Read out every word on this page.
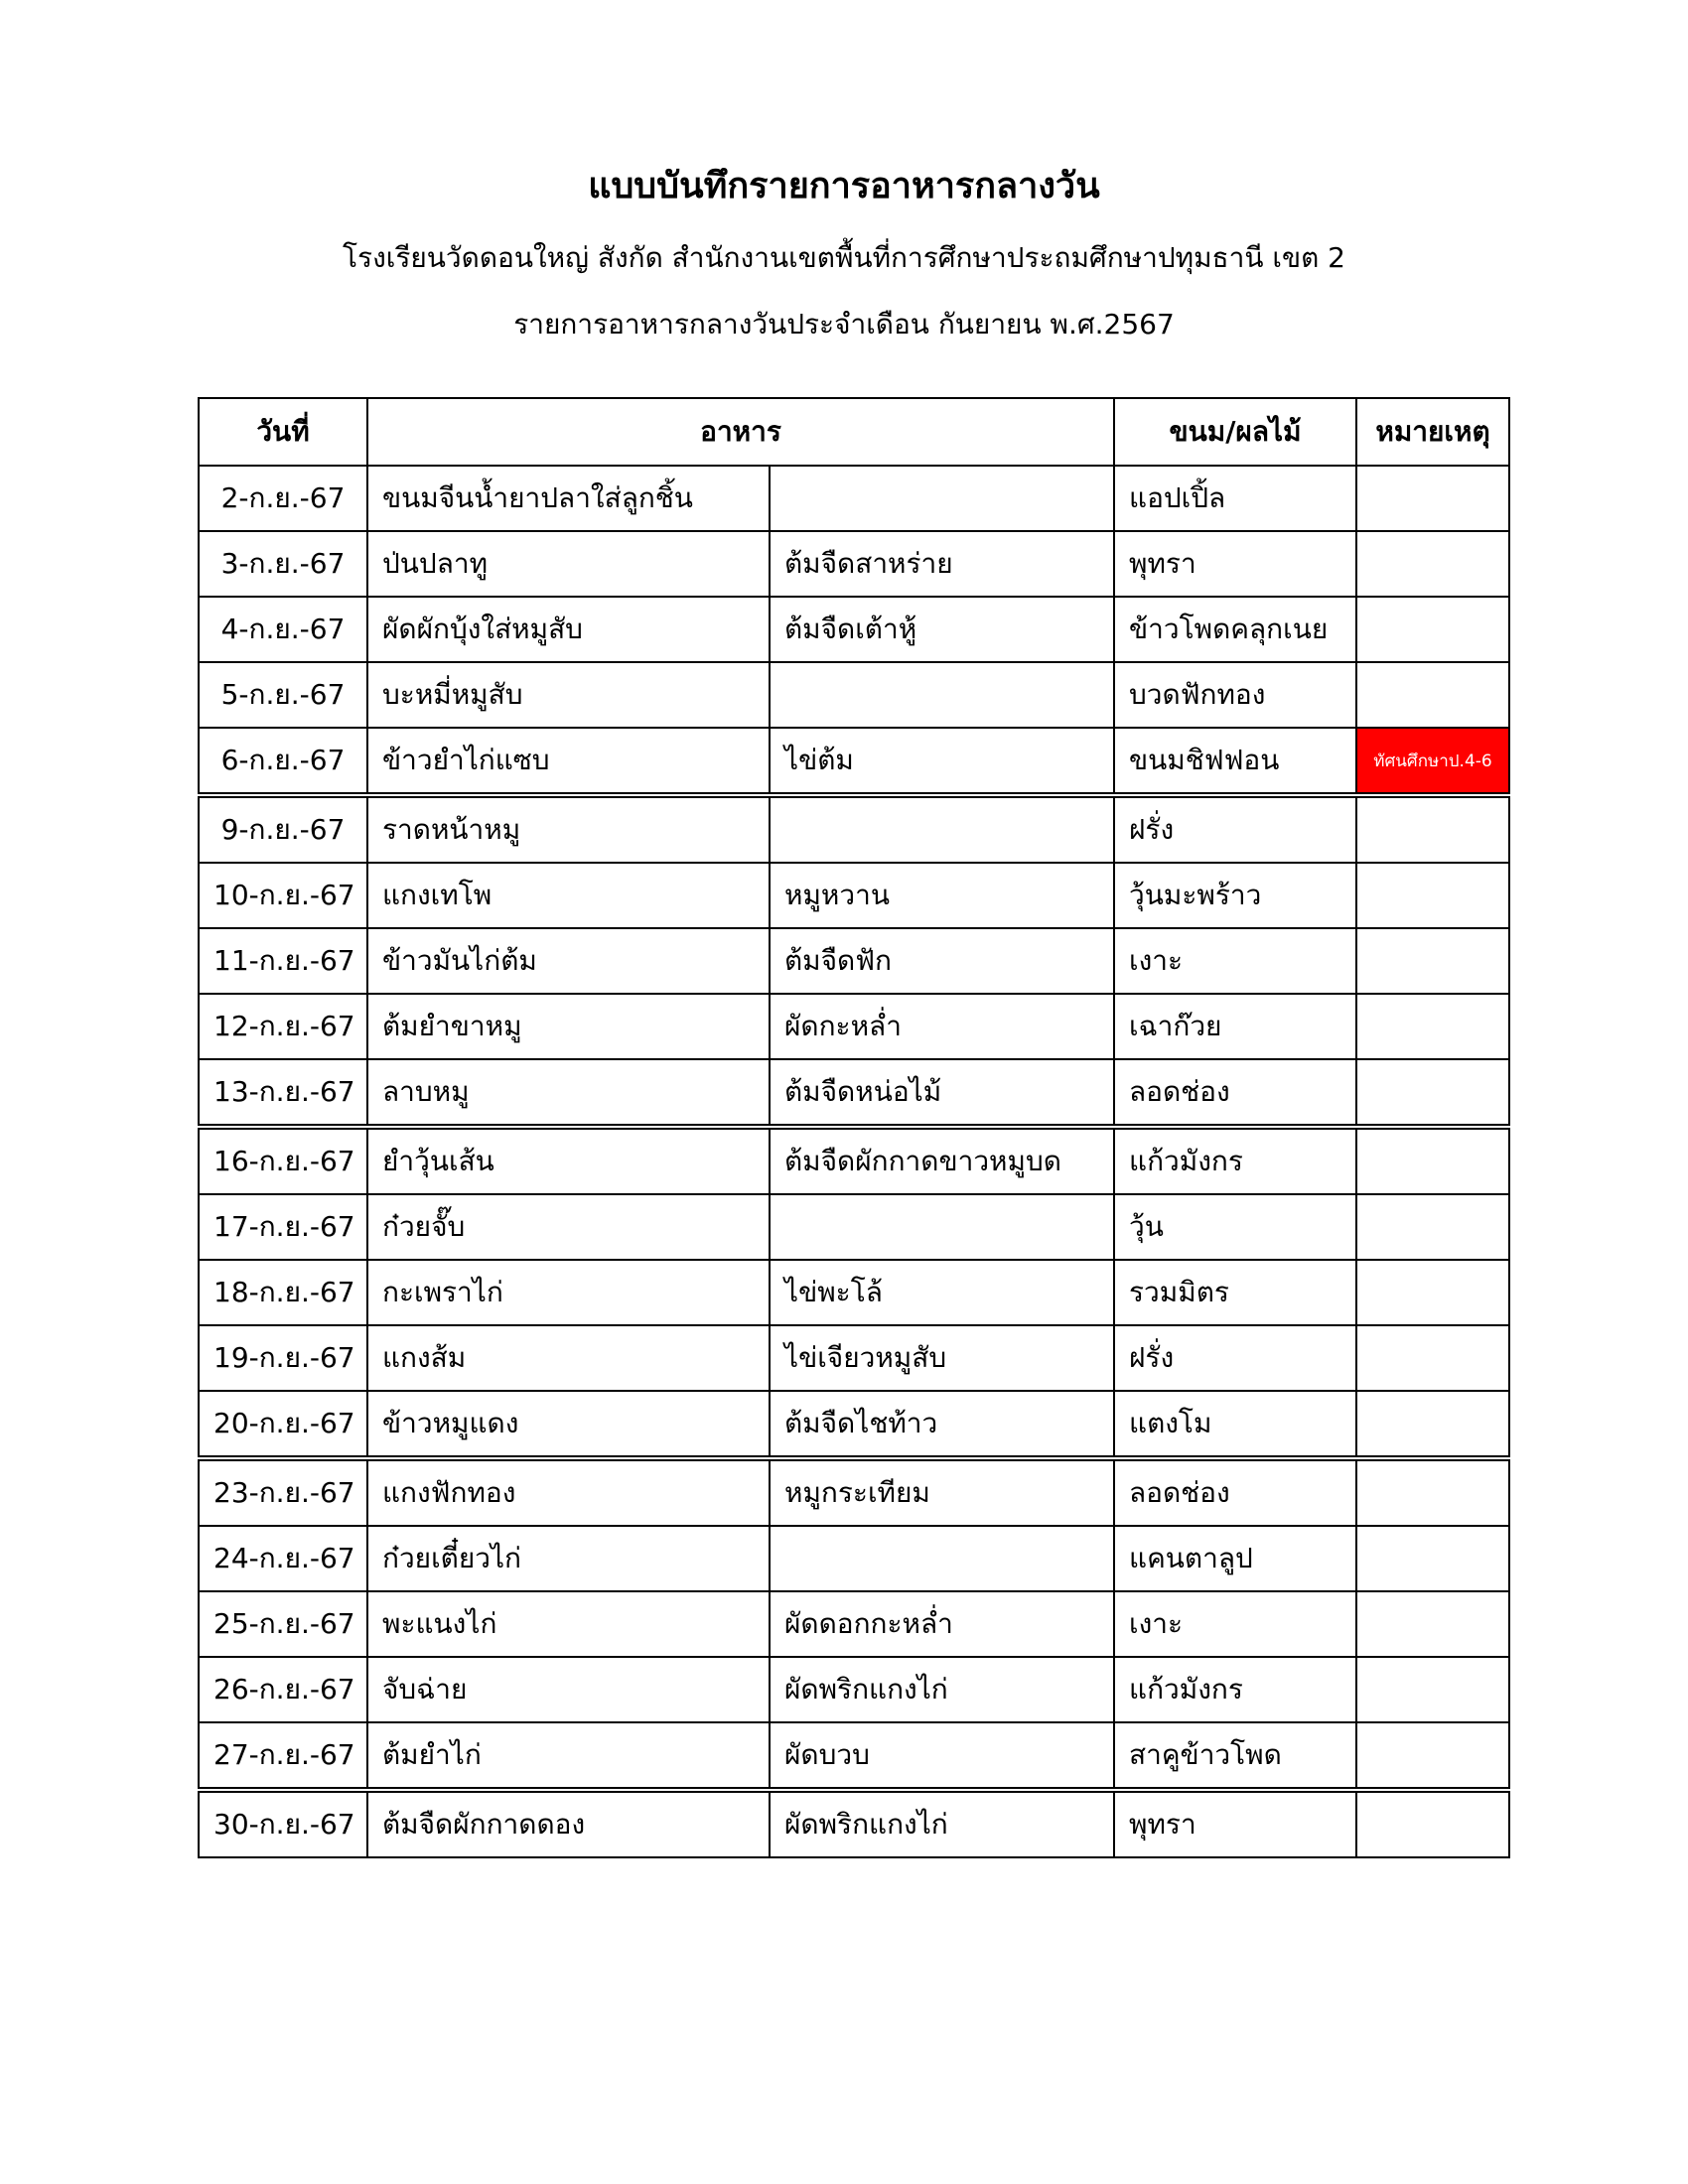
แบบบันทึกรายการอาหารกลางวัน
โรงเรียนวัดดอนใหญ่ สังกัด สำนักงานเขตพื้นที่การศึกษาประถมศึกษาปทุมธานี เขต 2
รายการอาหารกลางวันประจำเดือน กันยายน พ.ศ.2567
วันที่	อาหาร		ขนม/ผลไม้	หมายเหตุ
2-ก.ย.-67	ขนมจีนน้ำยาปลาใส่ลูกชิ้น		แอปเปิ้ล	
3-ก.ย.-67	ป่นปลาทู	ต้มจืดสาหร่าย	พุทรา	
4-ก.ย.-67	ผัดผักบุ้งใส่หมูสับ	ต้มจืดเต้าหู้	ข้าวโพดคลุกเนย	
5-ก.ย.-67	บะหมี่หมูสับ		บวดฟักทอง	
6-ก.ย.-67	ข้าวยำไก่แซบ	ไข่ต้ม	ขนมชิฟฟอน	ทัศนศึกษาป.4-6
9-ก.ย.-67	ราดหน้าหมู		ฝรั่ง	
10-ก.ย.-67	แกงเทโพ	หมูหวาน	วุ้นมะพร้าว	
11-ก.ย.-67	ข้าวมันไก่ต้ม	ต้มจืดฟัก	เงาะ	
12-ก.ย.-67	ต้มยำขาหมู	ผัดกะหล่ำ	เฉาก๊วย	
13-ก.ย.-67	ลาบหมู	ต้มจืดหน่อไม้	ลอดช่อง	
16-ก.ย.-67	ยำวุ้นเส้น	ต้มจืดผักกาดขาวหมูบด	แก้วมังกร	
17-ก.ย.-67	ก๋วยจั๊บ		วุ้น	
18-ก.ย.-67	กะเพราไก่	ไข่พะโล้	รวมมิตร	
19-ก.ย.-67	แกงส้ม	ไข่เจียวหมูสับ	ฝรั่ง	
20-ก.ย.-67	ข้าวหมูแดง	ต้มจืดไชท้าว	แตงโม	
23-ก.ย.-67	แกงฟักทอง	หมูกระเทียม	ลอดช่อง	
24-ก.ย.-67	ก๋วยเตี๋ยวไก่		แคนตาลูป	
25-ก.ย.-67	พะแนงไก่	ผัดดอกกะหล่ำ	เงาะ	
26-ก.ย.-67	จับฉ่าย	ผัดพริกแกงไก่	แก้วมังกร	
27-ก.ย.-67	ต้มยำไก่	ผัดบวบ	สาคูข้าวโพด	
30-ก.ย.-67	ต้มจืดผักกาดดอง	ผัดพริกแกงไก่	พุทรา	
